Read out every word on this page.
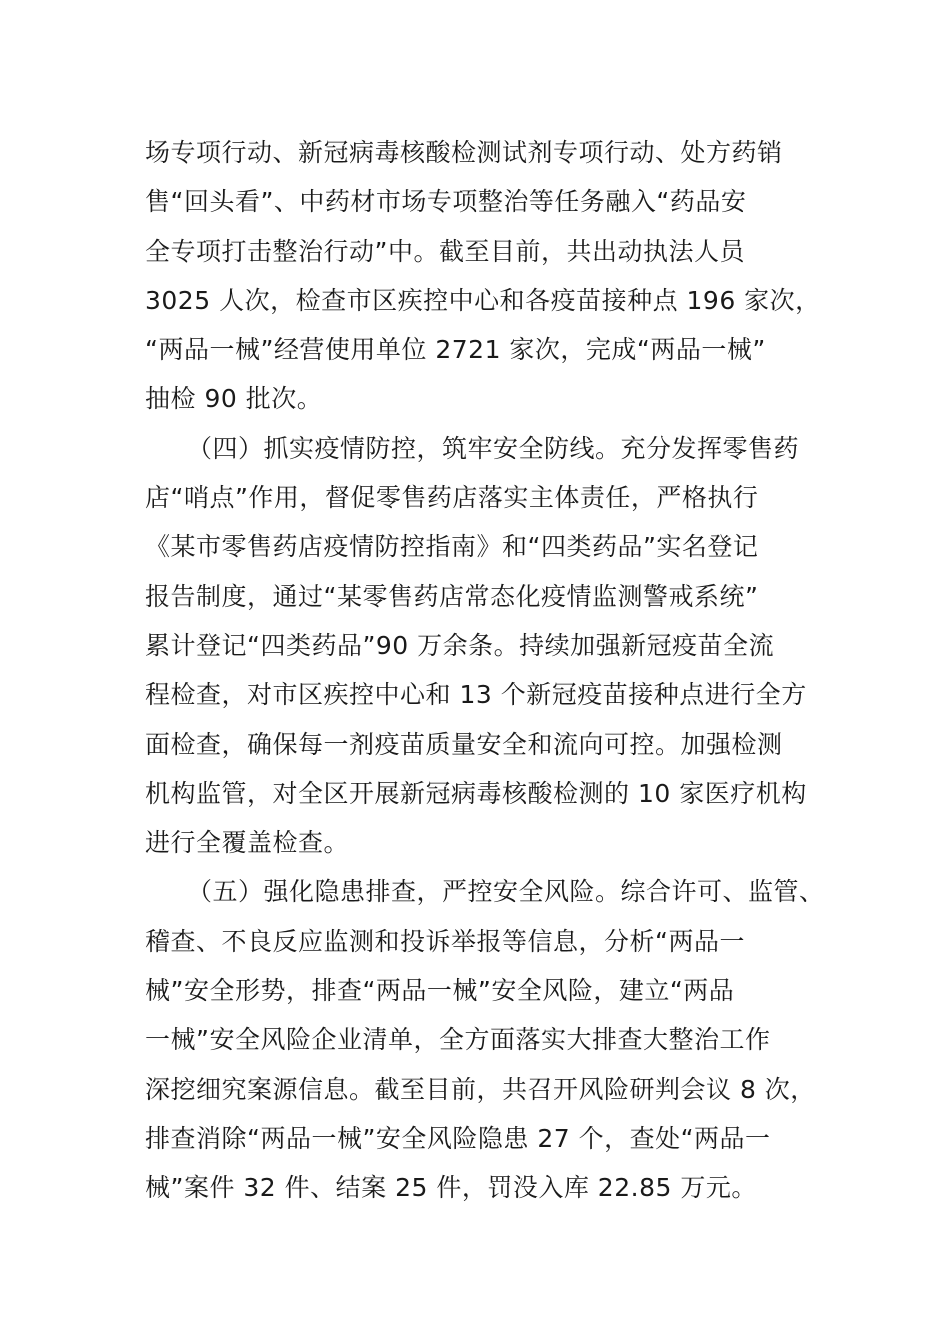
场专项行动、新冠病毒核酸检测试剂专项行动、处方药销
售“回头看”、中药材市场专项整治等任务融入“药品安
全专项打击整治行动”中。截至目前，共出动执法人员
3025 人次，检查市区疾控中心和各疫苗接种点 196 家次，
“两品一械”经营使用单位 2721 家次，完成“两品一械”
抽检 90 批次。
（四）抓实疫情防控，筑牢安全防线。充分发挥零售药
店“哨点”作用，督促零售药店落实主体责任，严格执行
《某市零售药店疫情防控指南》和“四类药品”实名登记
报告制度，通过“某零售药店常态化疫情监测警戒系统”
累计登记“四类药品”90 万余条。持续加强新冠疫苗全流
程检查，对市区疾控中心和 13 个新冠疫苗接种点进行全方
面检查，确保每一剂疫苗质量安全和流向可控。加强检测
机构监管，对全区开展新冠病毒核酸检测的 10 家医疗机构
进行全覆盖检查。
（五）强化隐患排查，严控安全风险。综合许可、监管、
稽查、不良反应监测和投诉举报等信息，分析“两品一
械”安全形势，排查“两品一械”安全风险，建立“两品
一械”安全风险企业清单，全方面落实大排查大整治工作
深挖细究案源信息。截至目前，共召开风险研判会议 8 次，
排查消除“两品一械”安全风险隐患 27 个，查处“两品一
械”案件 32 件、结案 25 件，罚没入库 22.85 万元。
